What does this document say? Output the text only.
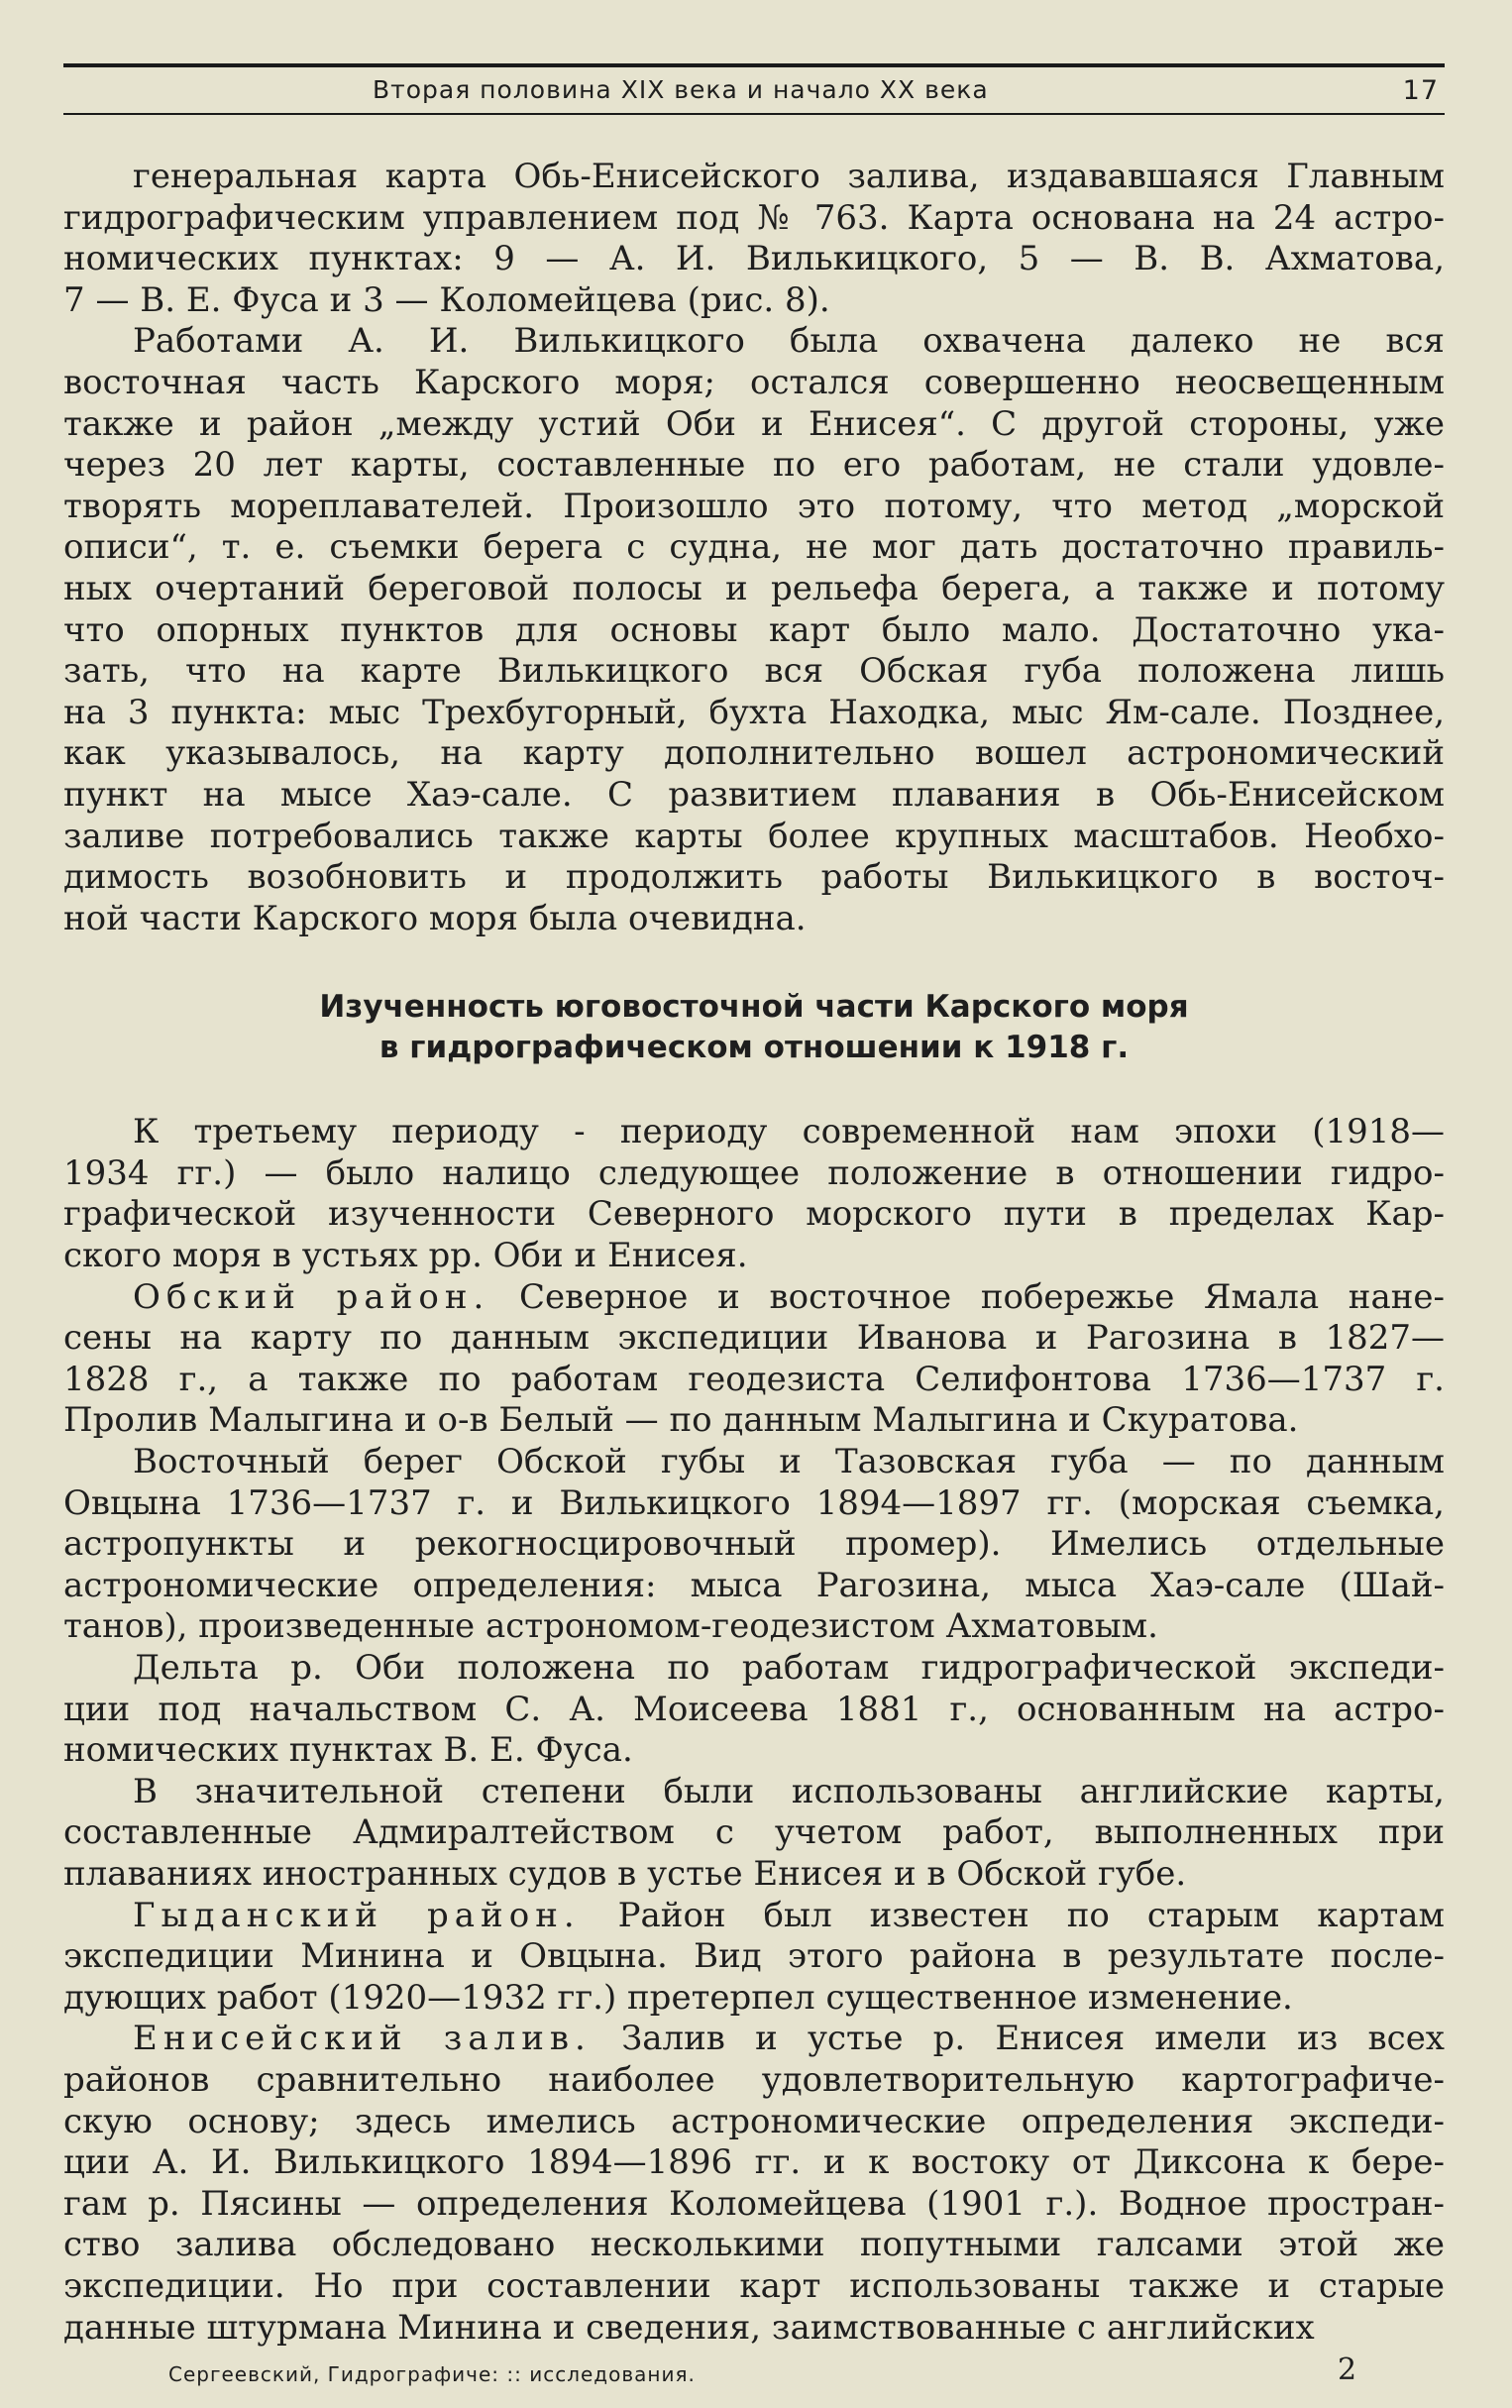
Вторая половина XIX века и начало XX века	17
генеральная карта Обь-Енисейского залива, издававшаяся Главным
гидрографическим управлением под № 763. Карта основана на 24 астро-
номических пунктах: 9 — А. И. Вилькицкого, 5 — В. В. Ахматова,
7 — В. Е. Фуса и 3 — Коломейцева (рис. 8).
Работами А. И. Вилькицкого была охвачена далеко не вся
восточная часть Карского моря; остался совершенно неосвещенным
также и район „между устий Оби и Енисея“. С другой стороны, уже
через 20 лет карты, составленные по его работам, не стали удовле-
творять мореплавателей. Произошло это потому, что метод „морской
описи“, т. е. съемки берега с судна, не мог дать достаточно правиль-
ных очертаний береговой полосы и рельефа берега, а также и потому
что опорных пунктов для основы карт было мало. Достаточно ука-
зать, что на карте Вилькицкого вся Обская губа положена лишь
на 3 пункта: мыс Трехбугорный, бухта Находка, мыс Ям-сале. Позднее,
как указывалось, на карту дополнительно вошел астрономический
пункт на мысе Хаэ-сале. С развитием плавания в Обь-Енисейском
заливе потребовались также карты более крупных масштабов. Необхо-
димость возобновить и продолжить работы Вилькицкого в восточ-
ной части Карского моря была очевидна.
Изученность юговосточной части Карского моря
в гидрографическом отношении к 1918 г.
К третьему периоду - периоду современной нам эпохи (1918—
1934 гг.) — было налицо следующее положение в отношении гидро-
графической изученности Северного морского пути в пределах Кар-
ского моря в устьях рр. Оби и Енисея.
Обский район. Северное и восточное побережье Ямала нане-
сены на карту по данным экспедиции Иванова и Рагозина в 1827—
1828 г., а также по работам геодезиста Селифонтова 1736—1737 г.
Пролив Малыгина и о-в Белый — по данным Малыгина и Скуратова.
Восточный берег Обской губы и Тазовская губа — по данным
Овцына 1736—1737 г. и Вилькицкого 1894—1897 гг. (морская съемка,
астропункты и рекогносцировочный промер). Имелись отдельные
астрономические определения: мыса Рагозина, мыса Хаэ-сале (Шай-
танов), произведенные астрономом-геодезистом Ахматовым.
Дельта р. Оби положена по работам гидрографической экспеди-
ции под начальством С. А. Моисеева 1881 г., основанным на астро-
номических пунктах В. Е. Фуса.
В значительной степени были использованы английские карты,
составленные Адмиралтейством с учетом работ, выполненных при
плаваниях иностранных судов в устье Енисея и в Обской губе.
Гыданский район. Район был известен по старым картам
экспедиции Минина и Овцына. Вид этого района в результате после-
дующих работ (1920—1932 гг.) претерпел существенное изменение.
Енисейский залив. Залив и устье р. Енисея имели из всех
районов сравнительно наиболее удовлетворительную картографиче-
скую основу; здесь имелись астрономические определения экспеди-
ции А. И. Вилькицкого 1894—1896 гг. и к востоку от Диксона к бере-
гам р. Пясины — определения Коломейцева (1901 г.). Водное простран-
ство залива обследовано несколькими попутными галсами этой же
экспедиции. Но при составлении карт использованы также и старые
данные штурмана Минина и сведения, заимствованные с английских
Сергеевский, Гидрографиче: :: исследования.	2
